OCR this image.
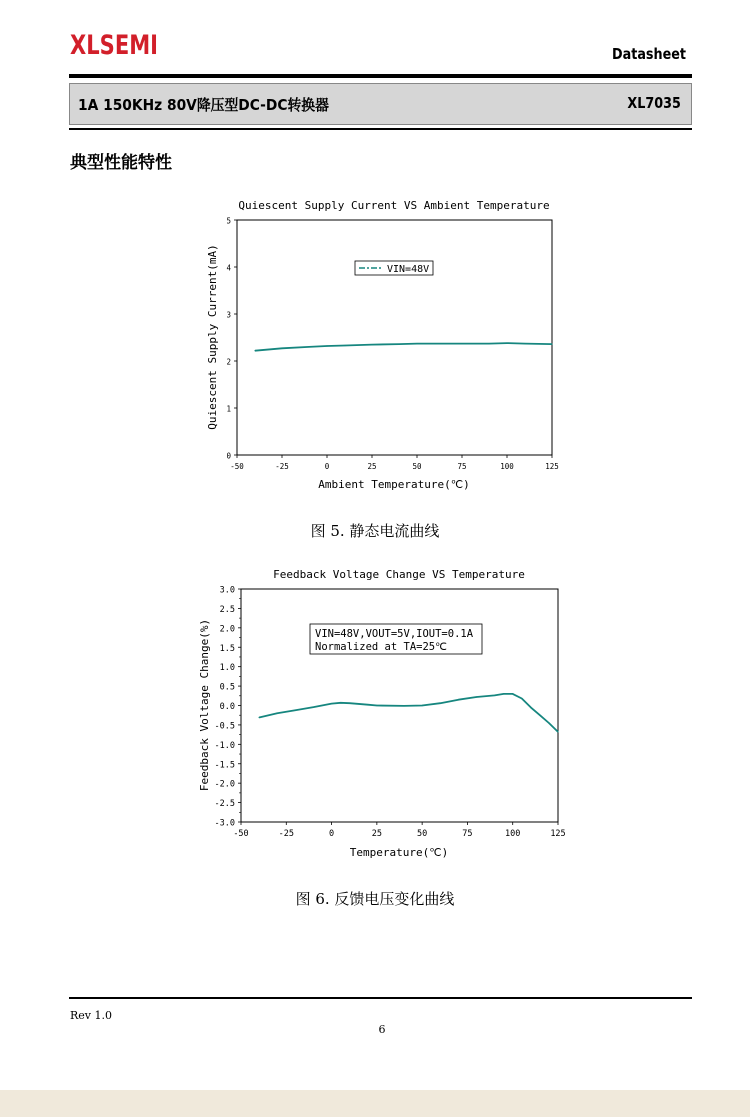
XLSEMI	Datasheet
1A 150KHz 80V降压型DC-DC转换器	XL7035
典型性能特性
Quiescent Supply Current VS Ambient Temperature
-50	-25	0	25	50	75	100	125
0
1
2
3
4
5
VIN=48V
Ambient Temperature(℃)
Quiescent Supply Current(mA)
图 5. 静态电流曲线
Feedback Voltage Change VS Temperature
-50	-25	0	25	50	75	100	125
-3.0
-2.5
-2.0
-1.5
-1.0
-0.5
0.0
0.5
1.0
1.5
2.0
2.5
3.0
VIN=48V,VOUT=5V,IOUT=0.1A
Normalized at TA=25℃
Temperature(℃)
Feedback Voltage Change(%)
图 6. 反馈电压变化曲线
Rev 1.0
6
